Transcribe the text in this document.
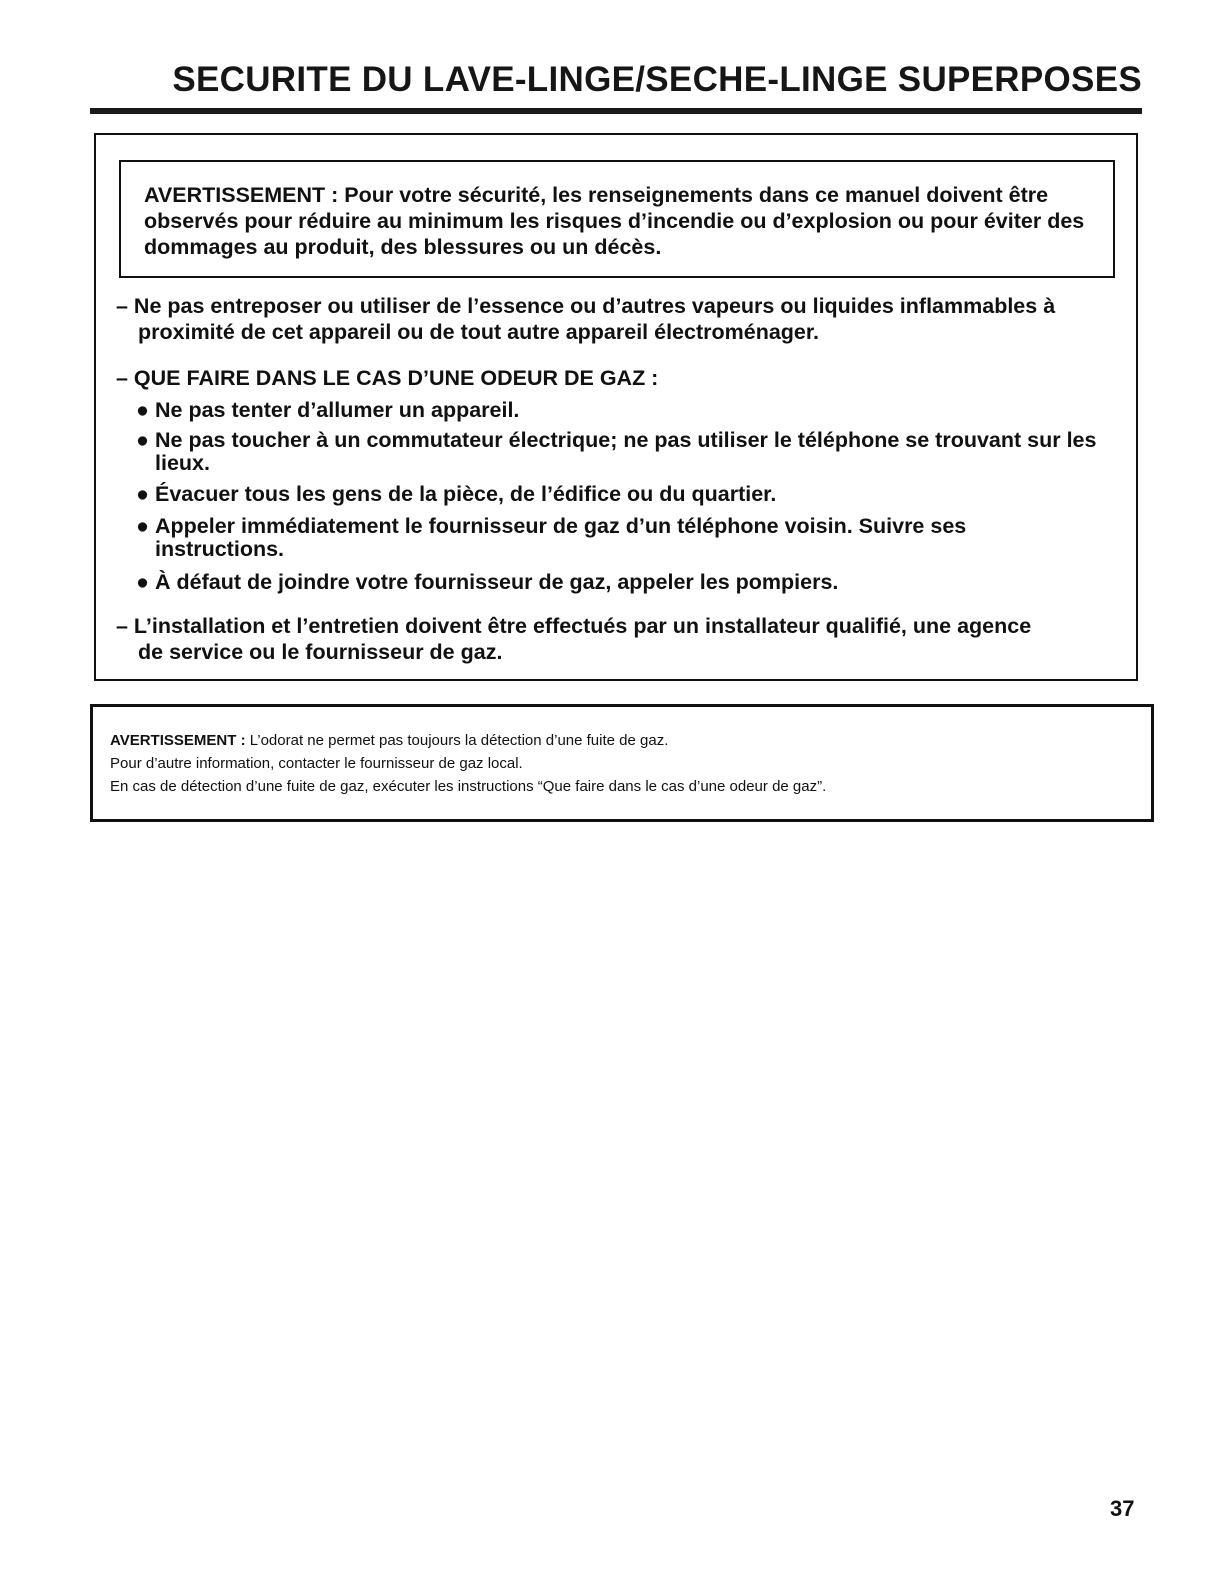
SECURITE DU LAVE-LINGE/SECHE-LINGE SUPERPOSES
AVERTISSEMENT : Pour votre sécurité, les renseignements dans ce manuel doivent être observés pour réduire au minimum les risques d’incendie ou d’explosion ou pour éviter des dommages au produit, des blessures ou un décès.
– Ne pas entreposer ou utiliser de l’essence ou d’autres vapeurs ou liquides inflammables à proximité de cet appareil ou de tout autre appareil électroménager.
– QUE FAIRE DANS LE CAS D’UNE ODEUR DE GAZ :
● Ne pas tenter d’allumer un appareil.
● Ne pas toucher à un commutateur électrique; ne pas utiliser le téléphone se trouvant sur les lieux.
● Évacuer tous les gens de la pièce, de l’édifice ou du quartier.
● Appeler immédiatement le fournisseur de gaz d’un téléphone voisin. Suivre ses instructions.
● À défaut de joindre votre fournisseur de gaz, appeler les pompiers.
– L’installation et l’entretien doivent être effectués par un installateur qualifié, une agence de service ou le fournisseur de gaz.
AVERTISSEMENT : L’odorat ne permet pas toujours la détection d’une fuite de gaz.
Pour d’autre information, contacter le fournisseur de gaz local.
En cas de détection d’une fuite de gaz, exécuter les instructions “Que faire dans le cas d’une odeur de gaz”.
37
